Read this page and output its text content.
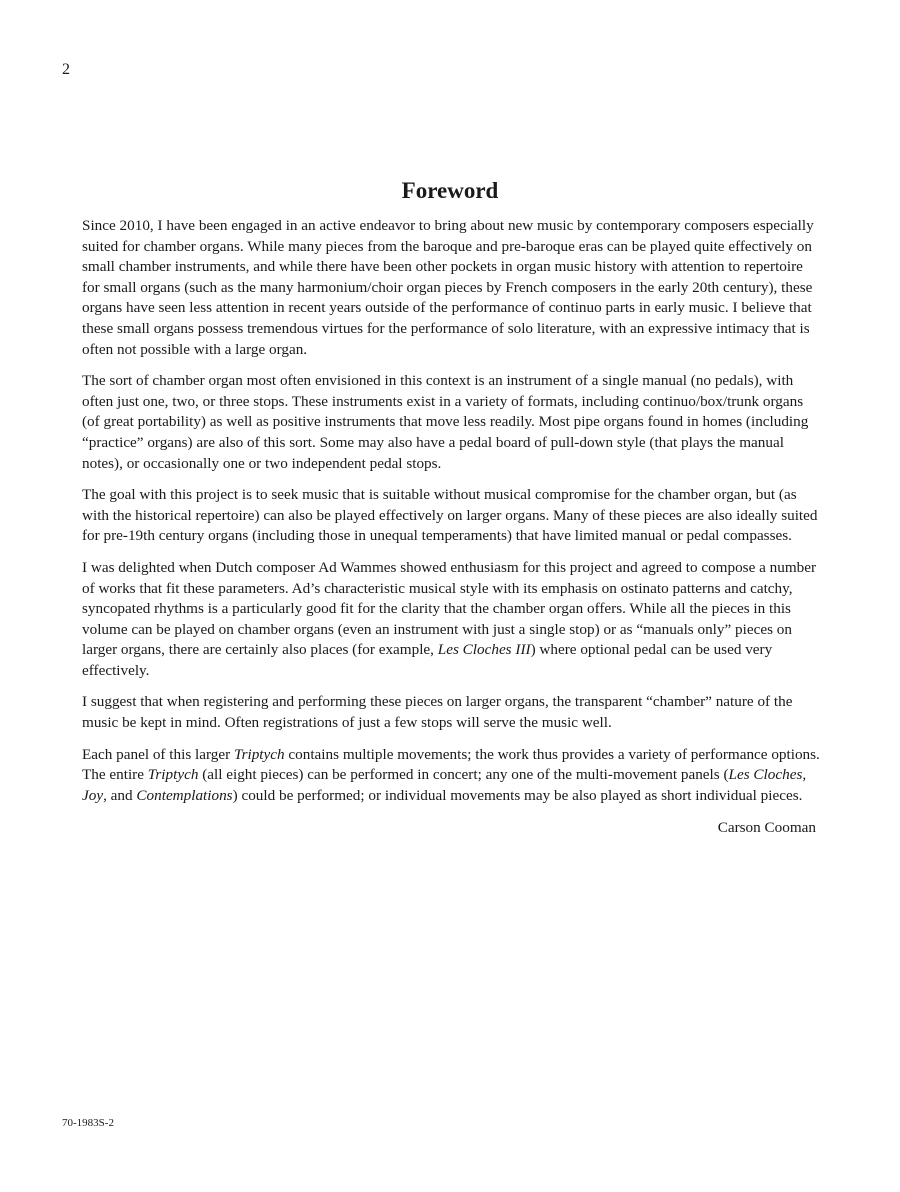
2
Foreword

Since 2010, I have been engaged in an active endeavor to bring about new music by contemporary composers especially suited for chamber organs. While many pieces from the baroque and pre-baroque eras can be played quite effectively on small chamber instruments, and while there have been other pockets in organ music history with attention to repertoire for small organs (such as the many harmonium/choir organ pieces by French composers in the early 20th century), these organs have seen less attention in recent years outside of the performance of continuo parts in early music. I believe that these small organs possess tremendous virtues for the performance of solo literature, with an expressive intimacy that is often not possible with a large organ.

The sort of chamber organ most often envisioned in this context is an instrument of a single manual (no pedals), with often just one, two, or three stops. These instruments exist in a variety of formats, including continuo/box/trunk organs (of great portability) as well as positive instruments that move less readily. Most pipe organs found in homes (including “practice” organs) are also of this sort. Some may also have a pedal board of pull-down style (that plays the manual notes), or occasionally one or two independent pedal stops.

The goal with this project is to seek music that is suitable without musical compromise for the chamber organ, but (as with the historical repertoire) can also be played effectively on larger organs. Many of these pieces are also ideally suited for pre-19th century organs (including those in unequal temperaments) that have limited manual or pedal compasses.

I was delighted when Dutch composer Ad Wammes showed enthusiasm for this project and agreed to compose a number of works that fit these parameters. Ad’s characteristic musical style with its emphasis on ostinato patterns and catchy, syncopated rhythms is a particularly good fit for the clarity that the chamber organ offers. While all the pieces in this volume can be played on chamber organs (even an instrument with just a single stop) or as “manuals only” pieces on larger organs, there are certainly also places (for example, Les Cloches III) where optional pedal can be used very effectively.

I suggest that when registering and performing these pieces on larger organs, the transparent “chamber” nature of the music be kept in mind. Often registrations of just a few stops will serve the music well.

Each panel of this larger Triptych contains multiple movements; the work thus provides a variety of performance options. The entire Triptych (all eight pieces) can be performed in concert; any one of the multi-movement panels (Les Cloches, Joy, and Contemplations) could be performed; or individual movements may be also played as short individual pieces.

Carson Cooman
70-1983S-2
